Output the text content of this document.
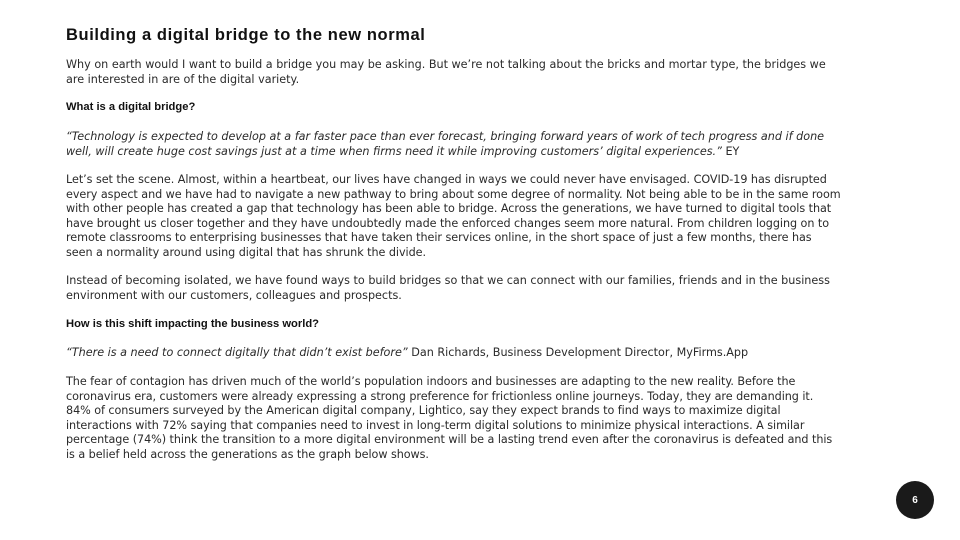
Building a digital bridge to the new normal

Why on earth would I want to build a bridge you may be asking. But we’re not talking about the bricks and mortar type, the bridges we are interested in are of the digital variety.

What is a digital bridge?

“Technology is expected to develop at a far faster pace than ever forecast, bringing forward years of work of tech progress and if done well, will create huge cost savings just at a time when firms need it while improving customers’ digital experiences.” EY

Let’s set the scene. Almost, within a heartbeat, our lives have changed in ways we could never have envisaged. COVID-19 has disrupted every aspect and we have had to navigate a new pathway to bring about some degree of normality. Not being able to be in the same room with other people has created a gap that technology has been able to bridge. Across the generations, we have turned to digital tools that have brought us closer together and they have undoubtedly made the enforced changes seem more natural. From children logging on to remote classrooms to enterprising businesses that have taken their services online, in the short space of just a few months, there has seen a normality around using digital that has shrunk the divide.

Instead of becoming isolated, we have found ways to build bridges so that we can connect with our families, friends and in the business environment with our customers, colleagues and prospects.

How is this shift impacting the business world?

“There is a need to connect digitally that didn’t exist before” Dan Richards, Business Development Director, MyFirms.App

The fear of contagion has driven much of the world’s population indoors and businesses are adapting to the new reality. Before the coronavirus era, customers were already expressing a strong preference for frictionless online journeys. Today, they are demanding it. 84% of consumers surveyed by the American digital company, Lightico, say they expect brands to find ways to maximize digital interactions with 72% saying that companies need to invest in long-term digital solutions to minimize physical interactions. A similar percentage (74%) think the transition to a more digital environment will be a lasting trend even after the coronavirus is defeated and this is a belief held across the generations as the graph below shows.

6
